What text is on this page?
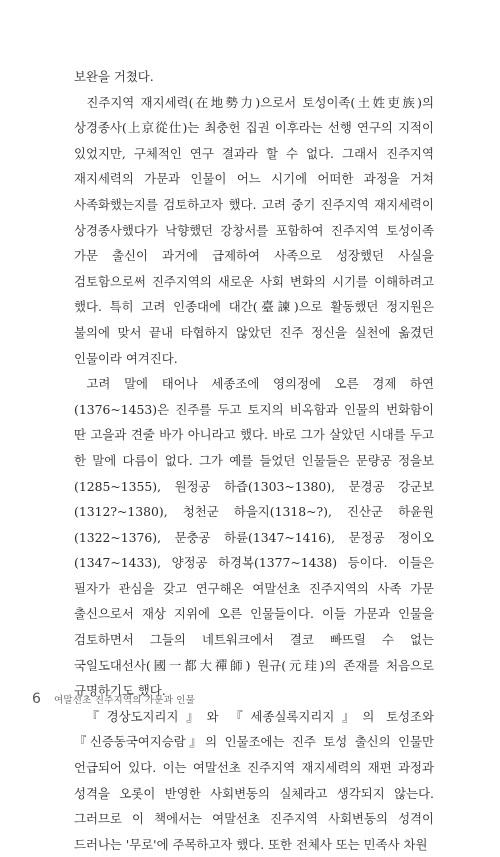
보완을 거쳤다.

진주지역 재지세력(在地勢力)으로서 토성이족(土姓吏族)의 상경종사(上京從仕)는 최충헌 집권 이후라는 선행 연구의 지적이 있었지만, 구체적인 연구 결과라 할 수 없다. 그래서 진주지역 재지세력의 가문과 인물이 어느 시기에 어떠한 과정을 거쳐 사족화했는지를 검토하고자 했다. 고려 중기 진주지역 재지세력이 상경종사했다가 낙향했던 강창서를 포함하여 진주지역 토성이족 가문 출신이 과거에 급제하여 사족으로 성장했던 사실을 검토함으로써 진주지역의 새로운 사회 변화의 시기를 이해하려고 했다. 특히 고려 인종대에 대간(臺諫)으로 활동했던 정지원은 불의에 맞서 끝내 타협하지 않았던 진주 정신을 실천에 옮겼던 인물이라 여겨진다.

고려 말에 태어나 세종조에 영의정에 오른 경제 하연(1376~1453)은 진주를 두고 토지의 비옥함과 인물의 번화함이 딴 고을과 견줄 바가 아니라고 했다. 바로 그가 살았던 시대를 두고 한 말에 다름이 없다. 그가 예를 들었던 인물들은 문량공 정을보(1285~1355), 원정공 하즙(1303~1380), 문경공 강군보(1312?~1380), 청천군 하을지(1318~?), 진산군 하윤원(1322~1376), 문충공 하륜(1347~1416), 문정공 정이오(1347~1433), 양정공 하경복(1377~1438) 등이다. 이들은 필자가 관심을 갖고 연구해온 여말선초 진주지역의 사족 가문 출신으로서 재상 지위에 오른 인물들이다. 이들 가문과 인물을 검토하면서 그들의 네트워크에서 결코 빠뜨릴 수 없는 국일도대선사(國一都大禪師) 원규(元珪)의 존재를 처음으로 규명하기도 했다.

『경상도지리지』와 『세종실록지리지』의 토성조와 『신증동국여지승람』의 인물조에는 진주 토성 출신의 인물만 언급되어 있다. 이는 여말선초 진주지역 재지세력의 재편 과정과 성격을 오롯이 반영한 사회변동의 실체라고 생각되지 않는다. 그러므로 이 책에서는 여말선초 진주지역 사회변동의 성격이 드러나는 '무로'에 주목하고자 했다. 또한 전체사 또는 민족사 차원

6 여말선초 진주지역의 가문과 인물
